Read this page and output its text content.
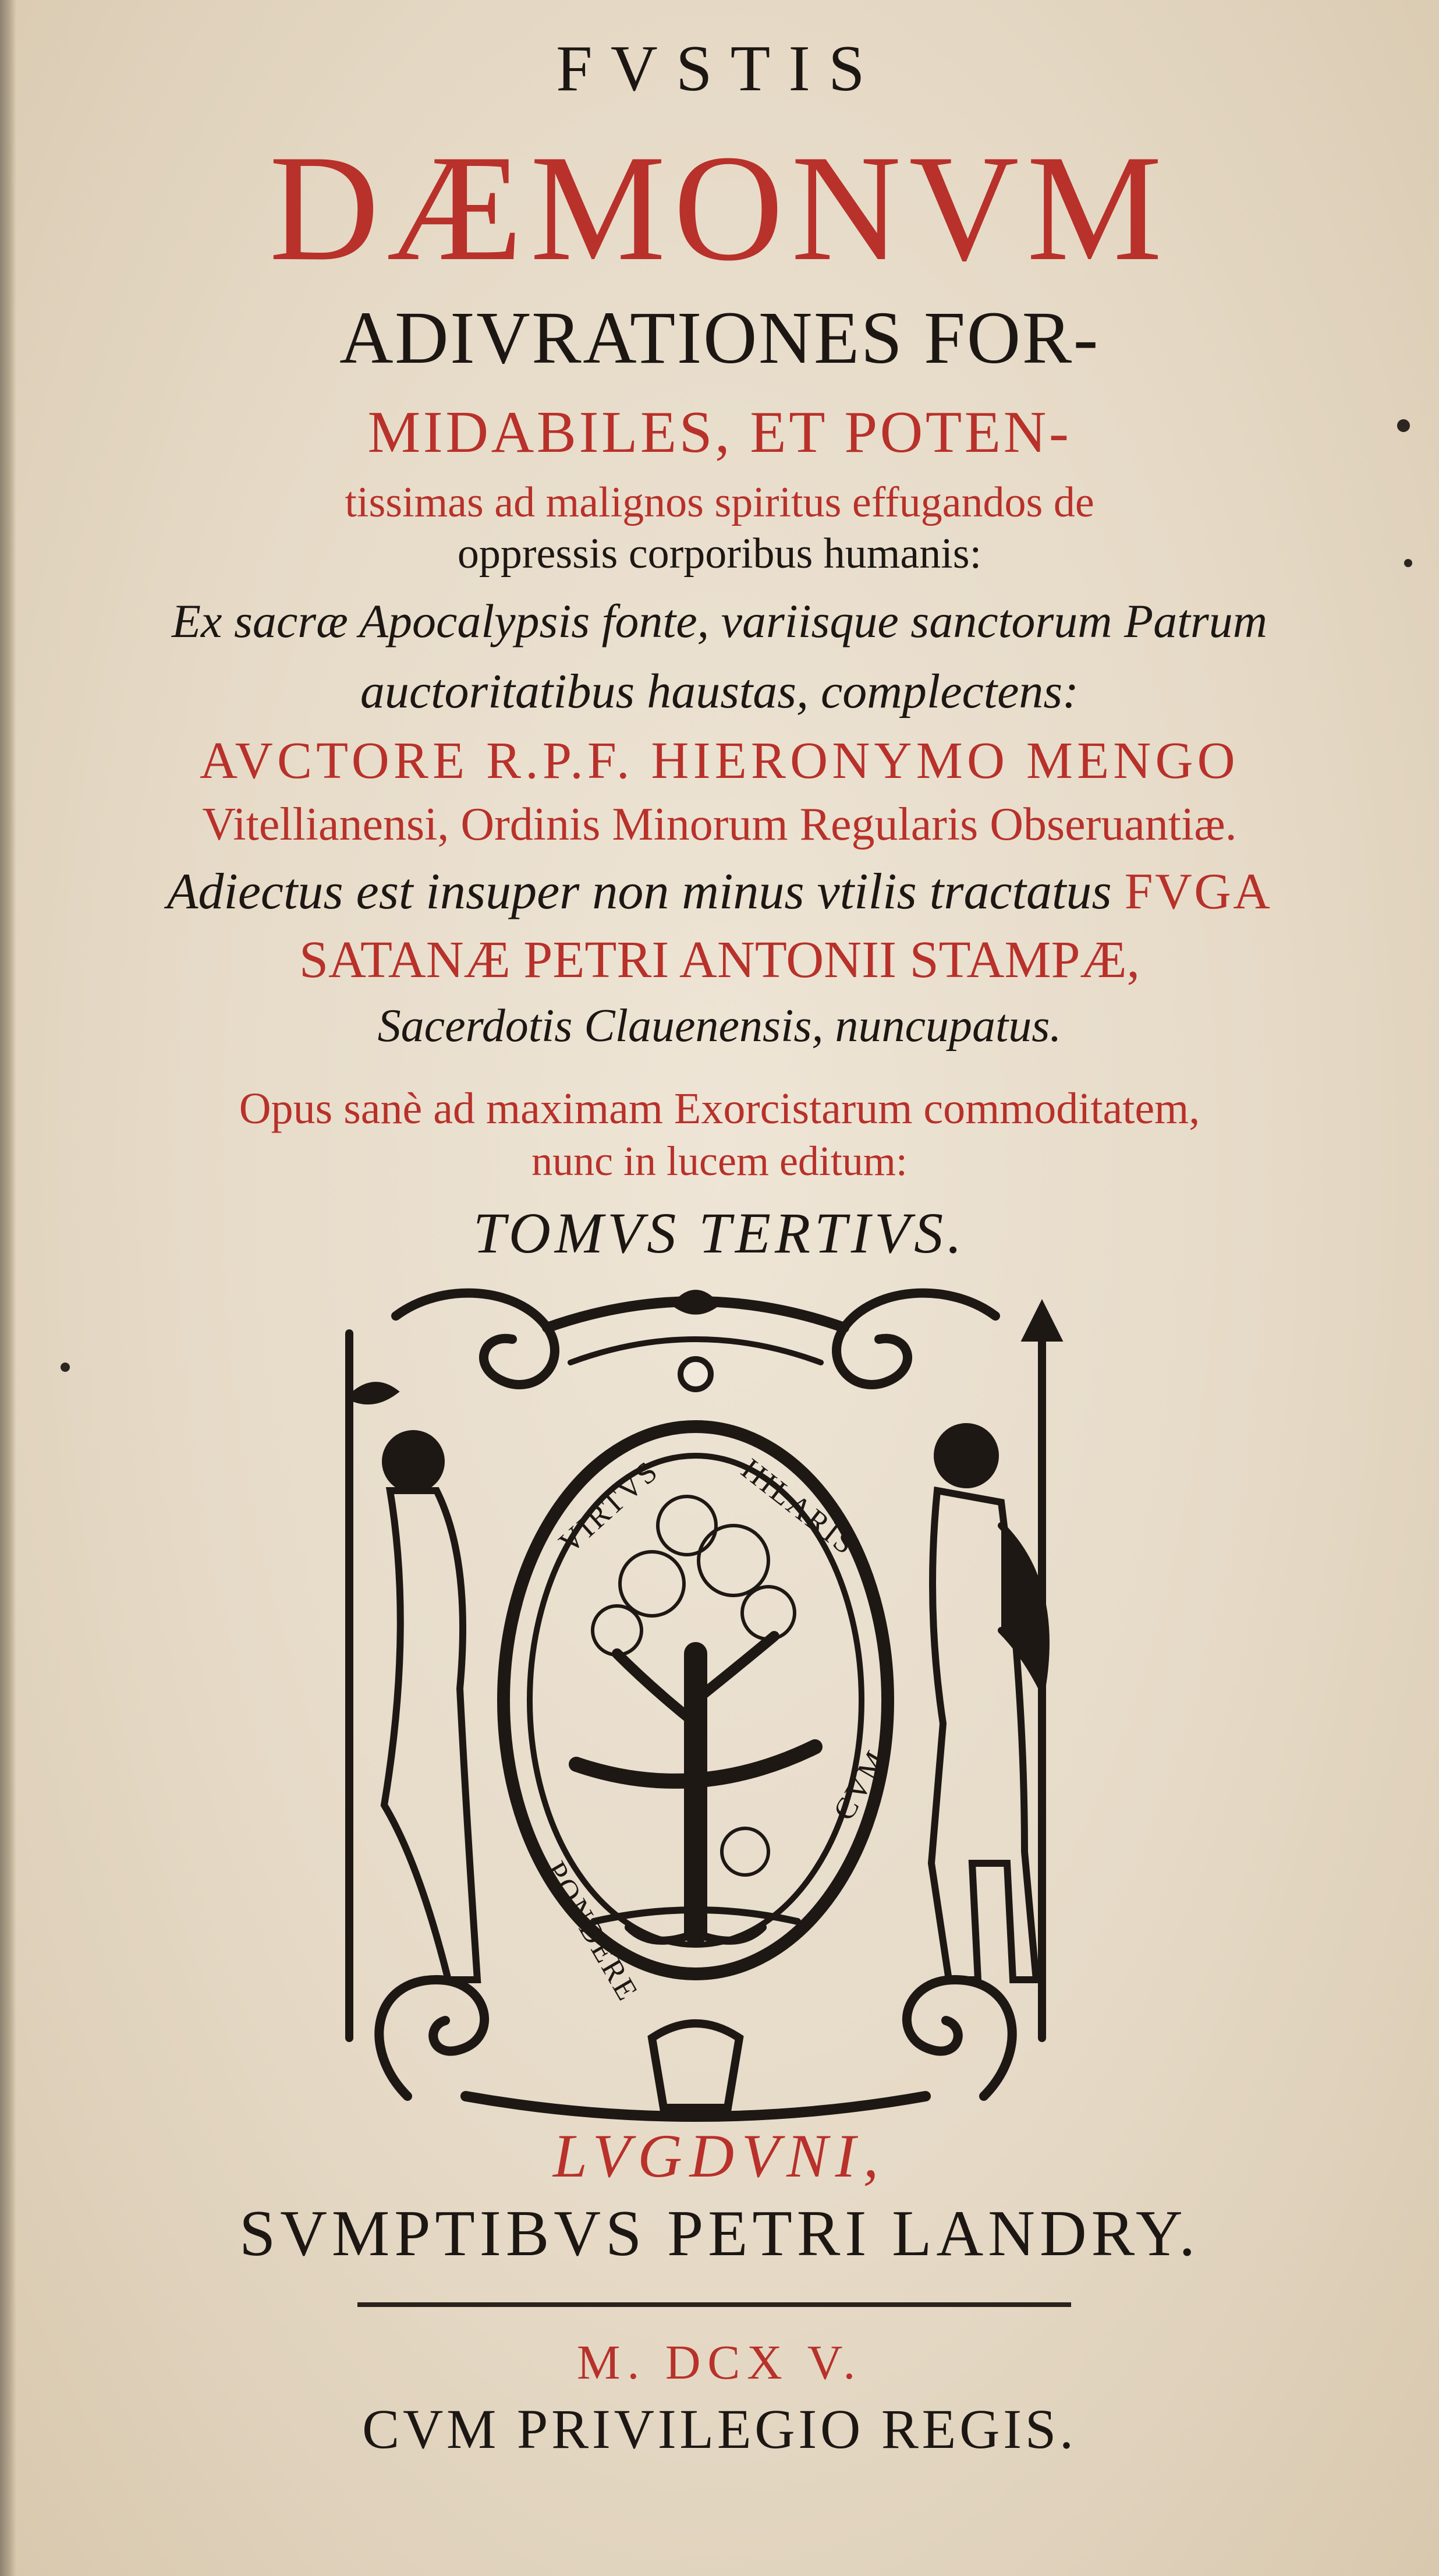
FVSTIS
DÆMONVM
ADIVRATIONES FOR-
MIDABILES, ET POTEN-
tissimas ad malignos spiritus effugandos de
oppressis corporibus humanis:
Ex sacræ Apocalypsis fonte, variisque sanctorum Patrum
auctoritatibus haustas, complectens:
AVCTORE R.P.F. HIERONYMO MENGO
Vitellianensi, Ordinis Minorum Regularis Obseruantiæ.
Adiectus est insuper non minus vtilis tractatus FVGA
SATANÆ PETRI ANTONII STAMPÆ,
Sacerdotis Clauenensis, nuncupatus.
Opus sanè ad maximam Exorcistarum commoditatem,
nunc in lucem editum:
TOMVS TERTIVS.
VIRTVS HILARIS
PONDERE
CVM
LVGDVNI,
SVMPTIBVS PETRI LANDRY.
M. DCX V.
CVM PRIVILEGIO REGIS.
